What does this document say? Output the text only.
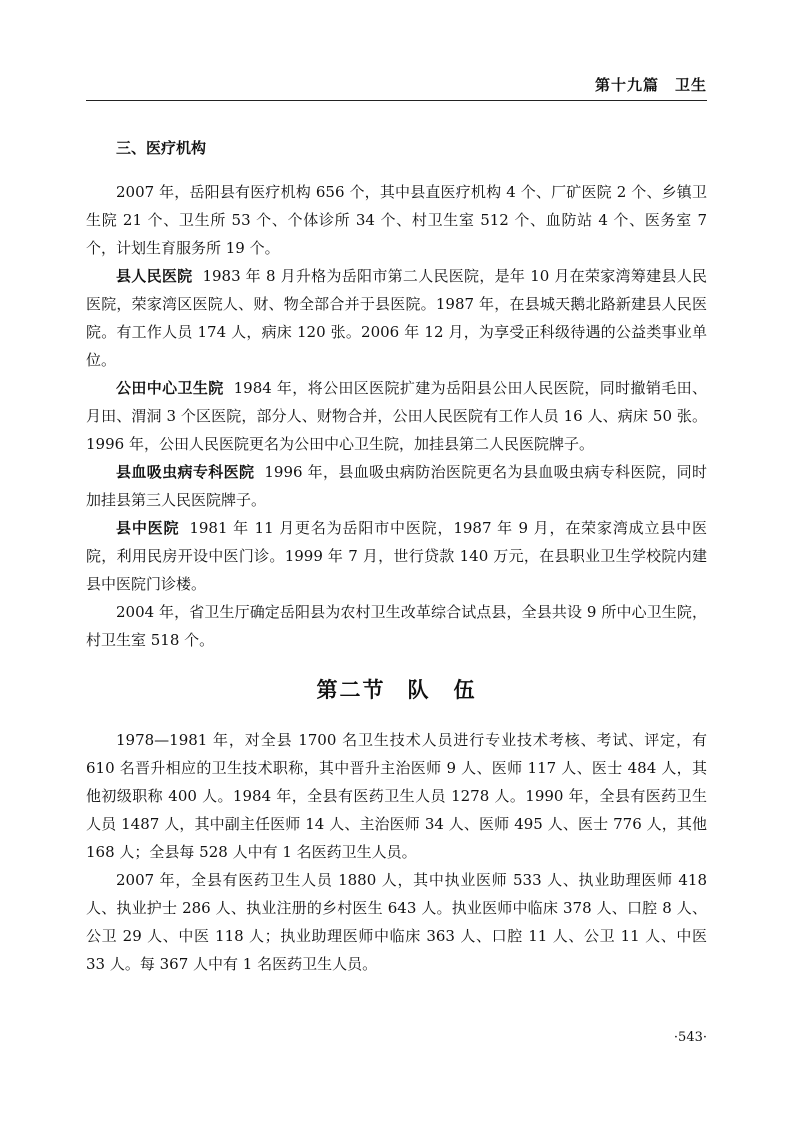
第十九篇　卫生

三、医疗机构

2007 年，岳阳县有医疗机构 656 个，其中县直医疗机构 4 个、厂矿医院 2 个、乡镇卫生院 21 个、卫生所 53 个、个体诊所 34 个、村卫生室 512 个、血防站 4 个、医务室 7 个，计划生育服务所 19 个。

县人民医院 1983 年 8 月升格为岳阳市第二人民医院，是年 10 月在荣家湾筹建县人民医院，荣家湾区医院人、财、物全部合并于县医院。1987 年，在县城天鹅北路新建县人民医院。有工作人员 174 人，病床 120 张。2006 年 12 月，为享受正科级待遇的公益类事业单位。

公田中心卫生院 1984 年，将公田区医院扩建为岳阳县公田人民医院，同时撤销毛田、月田、渭洞 3 个区医院，部分人、财物合并，公田人民医院有工作人员 16 人、病床 50 张。1996 年，公田人民医院更名为公田中心卫生院，加挂县第二人民医院牌子。

县血吸虫病专科医院 1996 年，县血吸虫病防治医院更名为县血吸虫病专科医院，同时加挂县第三人民医院牌子。

县中医院 1981 年 11 月更名为岳阳市中医院，1987 年 9 月，在荣家湾成立县中医院，利用民房开设中医门诊。1999 年 7 月，世行贷款 140 万元，在县职业卫生学校院内建县中医院门诊楼。

2004 年，省卫生厅确定岳阳县为农村卫生改革综合试点县，全县共设 9 所中心卫生院，村卫生室 518 个。

第二节 队　伍

1978—1981 年，对全县 1700 名卫生技术人员进行专业技术考核、考试、评定，有 610 名晋升相应的卫生技术职称，其中晋升主治医师 9 人、医师 117 人、医士 484 人，其他初级职称 400 人。1984 年，全县有医药卫生人员 1278 人。1990 年，全县有医药卫生人员 1487 人，其中副主任医师 14 人、主治医师 34 人、医师 495 人、医士 776 人，其他 168 人；全县每 528 人中有 1 名医药卫生人员。

2007 年，全县有医药卫生人员 1880 人，其中执业医师 533 人、执业助理医师 418 人、执业护士 286 人、执业注册的乡村医生 643 人。执业医师中临床 378 人、口腔 8 人、公卫 29 人、中医 118 人；执业助理医师中临床 363 人、口腔 11 人、公卫 11 人、中医 33 人。每 367 人中有 1 名医药卫生人员。

·543·
